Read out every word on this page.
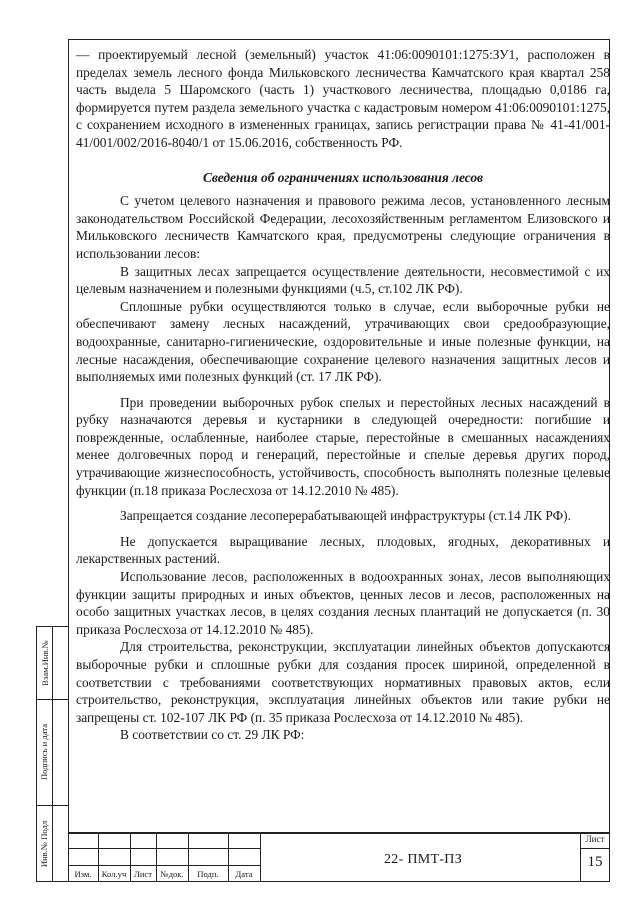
— проектируемый лесной (земельный) участок 41:06:0090101:1275:ЗУ1, расположен в пределах земель лесного фонда Мильковского лесничества Камчатского края квартал 258 часть выдела 5 Шаромского (часть 1) участкового лесничества, площадью 0,0186 га, формируется путем раздела земельного участка с кадастровым номером 41:06:0090101:1275, с сохранением исходного в измененных границах, запись регистрации права № 41-41/001-41/001/002/2016-8040/1 от 15.06.2016, собственность РФ.

Сведения об ограничениях использования лесов

С учетом целевого назначения и правового режима лесов, установленного лесным законодательством Российской Федерации, лесохозяйственным регламентом Елизовского и Мильковского лесничеств Камчатского края, предусмотрены следующие ограничения в использовании лесов:

В защитных лесах запрещается осуществление деятельности, несовместимой с их целевым назначением и полезными функциями (ч.5, ст.102 ЛК РФ).

Сплошные рубки осуществляются только в случае, если выборочные рубки не обеспечивают замену лесных насаждений, утрачивающих свои средообразующие, водоохранные, санитарно-гигиенические, оздоровительные и иные полезные функции, на лесные насаждения, обеспечивающие сохранение целевого назначения защитных лесов и выполняемых ими полезных функций (ст. 17 ЛК РФ).

При проведении выборочных рубок спелых и перестойных лесных насаждений в рубку назначаются деревья и кустарники в следующей очередности: погибшие и поврежденные, ослабленные, наиболее старые, перестойные в смешанных насаждениях менее долговечных пород и генераций, перестойные и спелые деревья других пород, утрачивающие жизнеспособность, устойчивость, способность выполнять полезные целевые функции (п.18 приказа Рослесхоза от 14.12.2010 № 485).

Запрещается создание лесоперерабатывающей инфраструктуры (ст.14 ЛК РФ).

Не допускается выращивание лесных, плодовых, ягодных, декоративных и лекарственных растений.

Использование лесов, расположенных в водоохранных зонах, лесов выполняющих функции защиты природных и иных объектов, ценных лесов и лесов, расположенных на особо защитных участках лесов, в целях создания лесных плантаций не допускается (п. 30 приказа Рослесхоза от 14.12.2010 № 485).

Для строительства, реконструкции, эксплуатации линейных объектов допускаются выборочные рубки и сплошные рубки для создания просек шириной, определенной в соответствии с требованиями соответствующих нормативных правовых актов, если строительство, реконструкция, эксплуатация линейных объектов или такие рубки не запрещены ст. 102-107 ЛК РФ (п. 35 приказа Рослесхоза от 14.12.2010 № 485).

В соответствии со ст. 29 ЛК РФ:

Взам.Инв.№
Подпись и дата
Инв.№ Подл
Изм.	Кол.уч Лист №док.	Подп.	Дата
22- ПМТ-ПЗ
Лист
15
